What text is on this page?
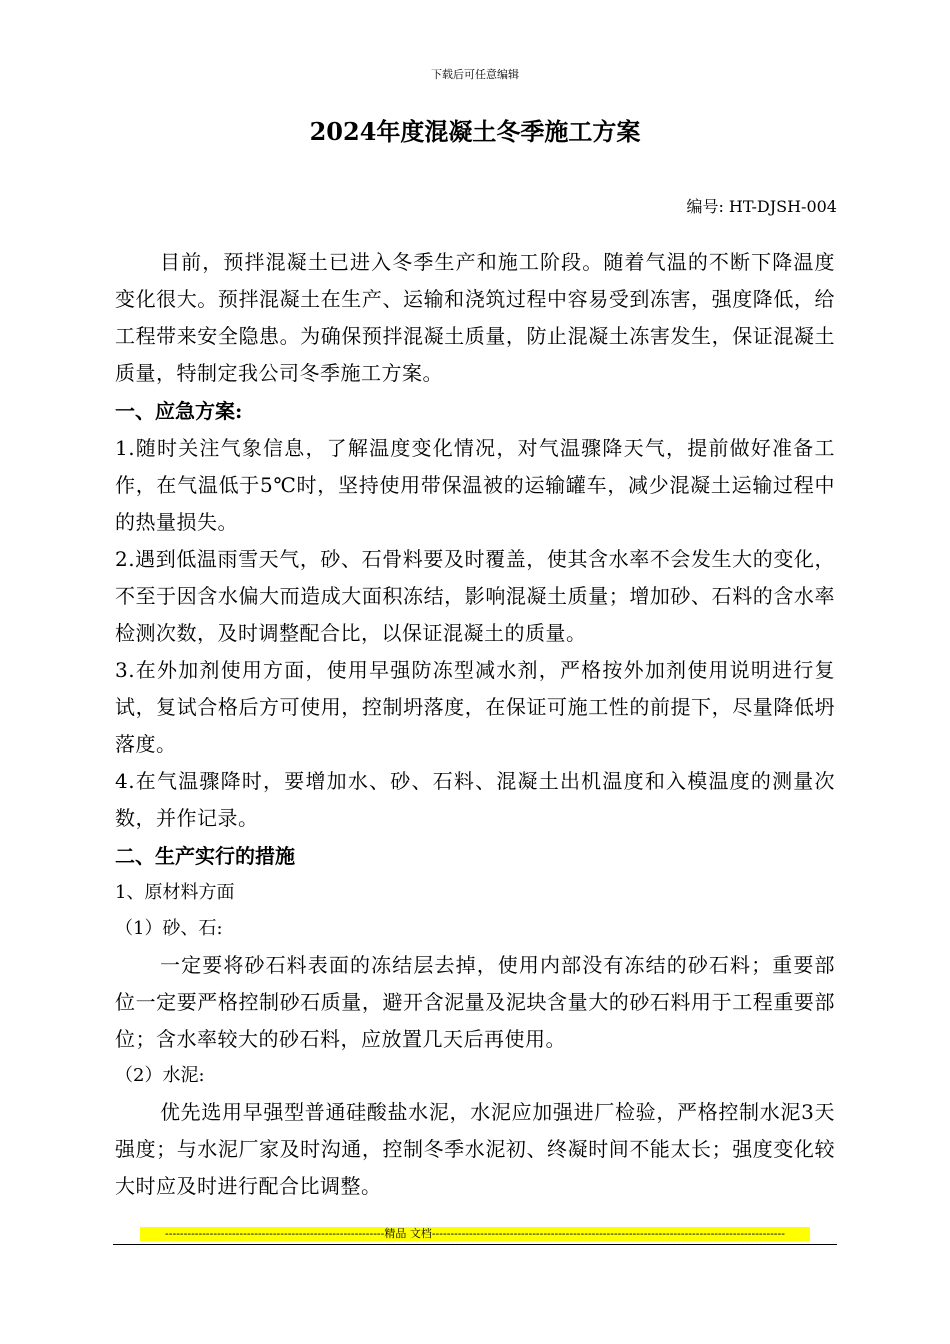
下载后可任意编辑
2024年度混凝土冬季施工方案
编号: HT-DJSH-004

目前，预拌混凝土已进入冬季生产和施工阶段。随着气温的不断下降温度变化很大。预拌混凝土在生产、运输和浇筑过程中容易受到冻害，强度降低，给工程带来安全隐患。为确保预拌混凝土质量，防止混凝土冻害发生，保证混凝土质量，特制定我公司冬季施工方案。

一、应急方案:

1.随时关注气象信息，了解温度变化情况，对气温骤降天气，提前做好准备工作，在气温低于5℃时，坚持使用带保温被的运输罐车，减少混凝土运输过程中的热量损失。

2.遇到低温雨雪天气，砂、石骨料要及时覆盖，使其含水率不会发生大的变化，不至于因含水偏大而造成大面积冻结，影响混凝土质量；增加砂、石料的含水率检测次数，及时调整配合比，以保证混凝土的质量。

3.在外加剂使用方面，使用早强防冻型减水剂，严格按外加剂使用说明进行复试，复试合格后方可使用，控制坍落度，在保证可施工性的前提下，尽量降低坍落度。

4.在气温骤降时，要增加水、砂、石料、混凝土出机温度和入模温度的测量次数，并作记录。

二、生产实行的措施

1、原材料方面

（1）砂、石:

一定要将砂石料表面的冻结层去掉，使用内部没有冻结的砂石料；重要部位一定要严格控制砂石质量，避开含泥量及泥块含量大的砂石料用于工程重要部位；含水率较大的砂石料，应放置几天后再使用。

（2）水泥:

优先选用早强型普通硅酸盐水泥，水泥应加强进厂检验，严格控制水泥3天强度；与水泥厂家及时沟通，控制冬季水泥初、终凝时间不能太长；强度变化较大时应及时进行配合比调整。

-----------------------------------------------------------精品 文档-----------------------------------------------------------------------------------------------
